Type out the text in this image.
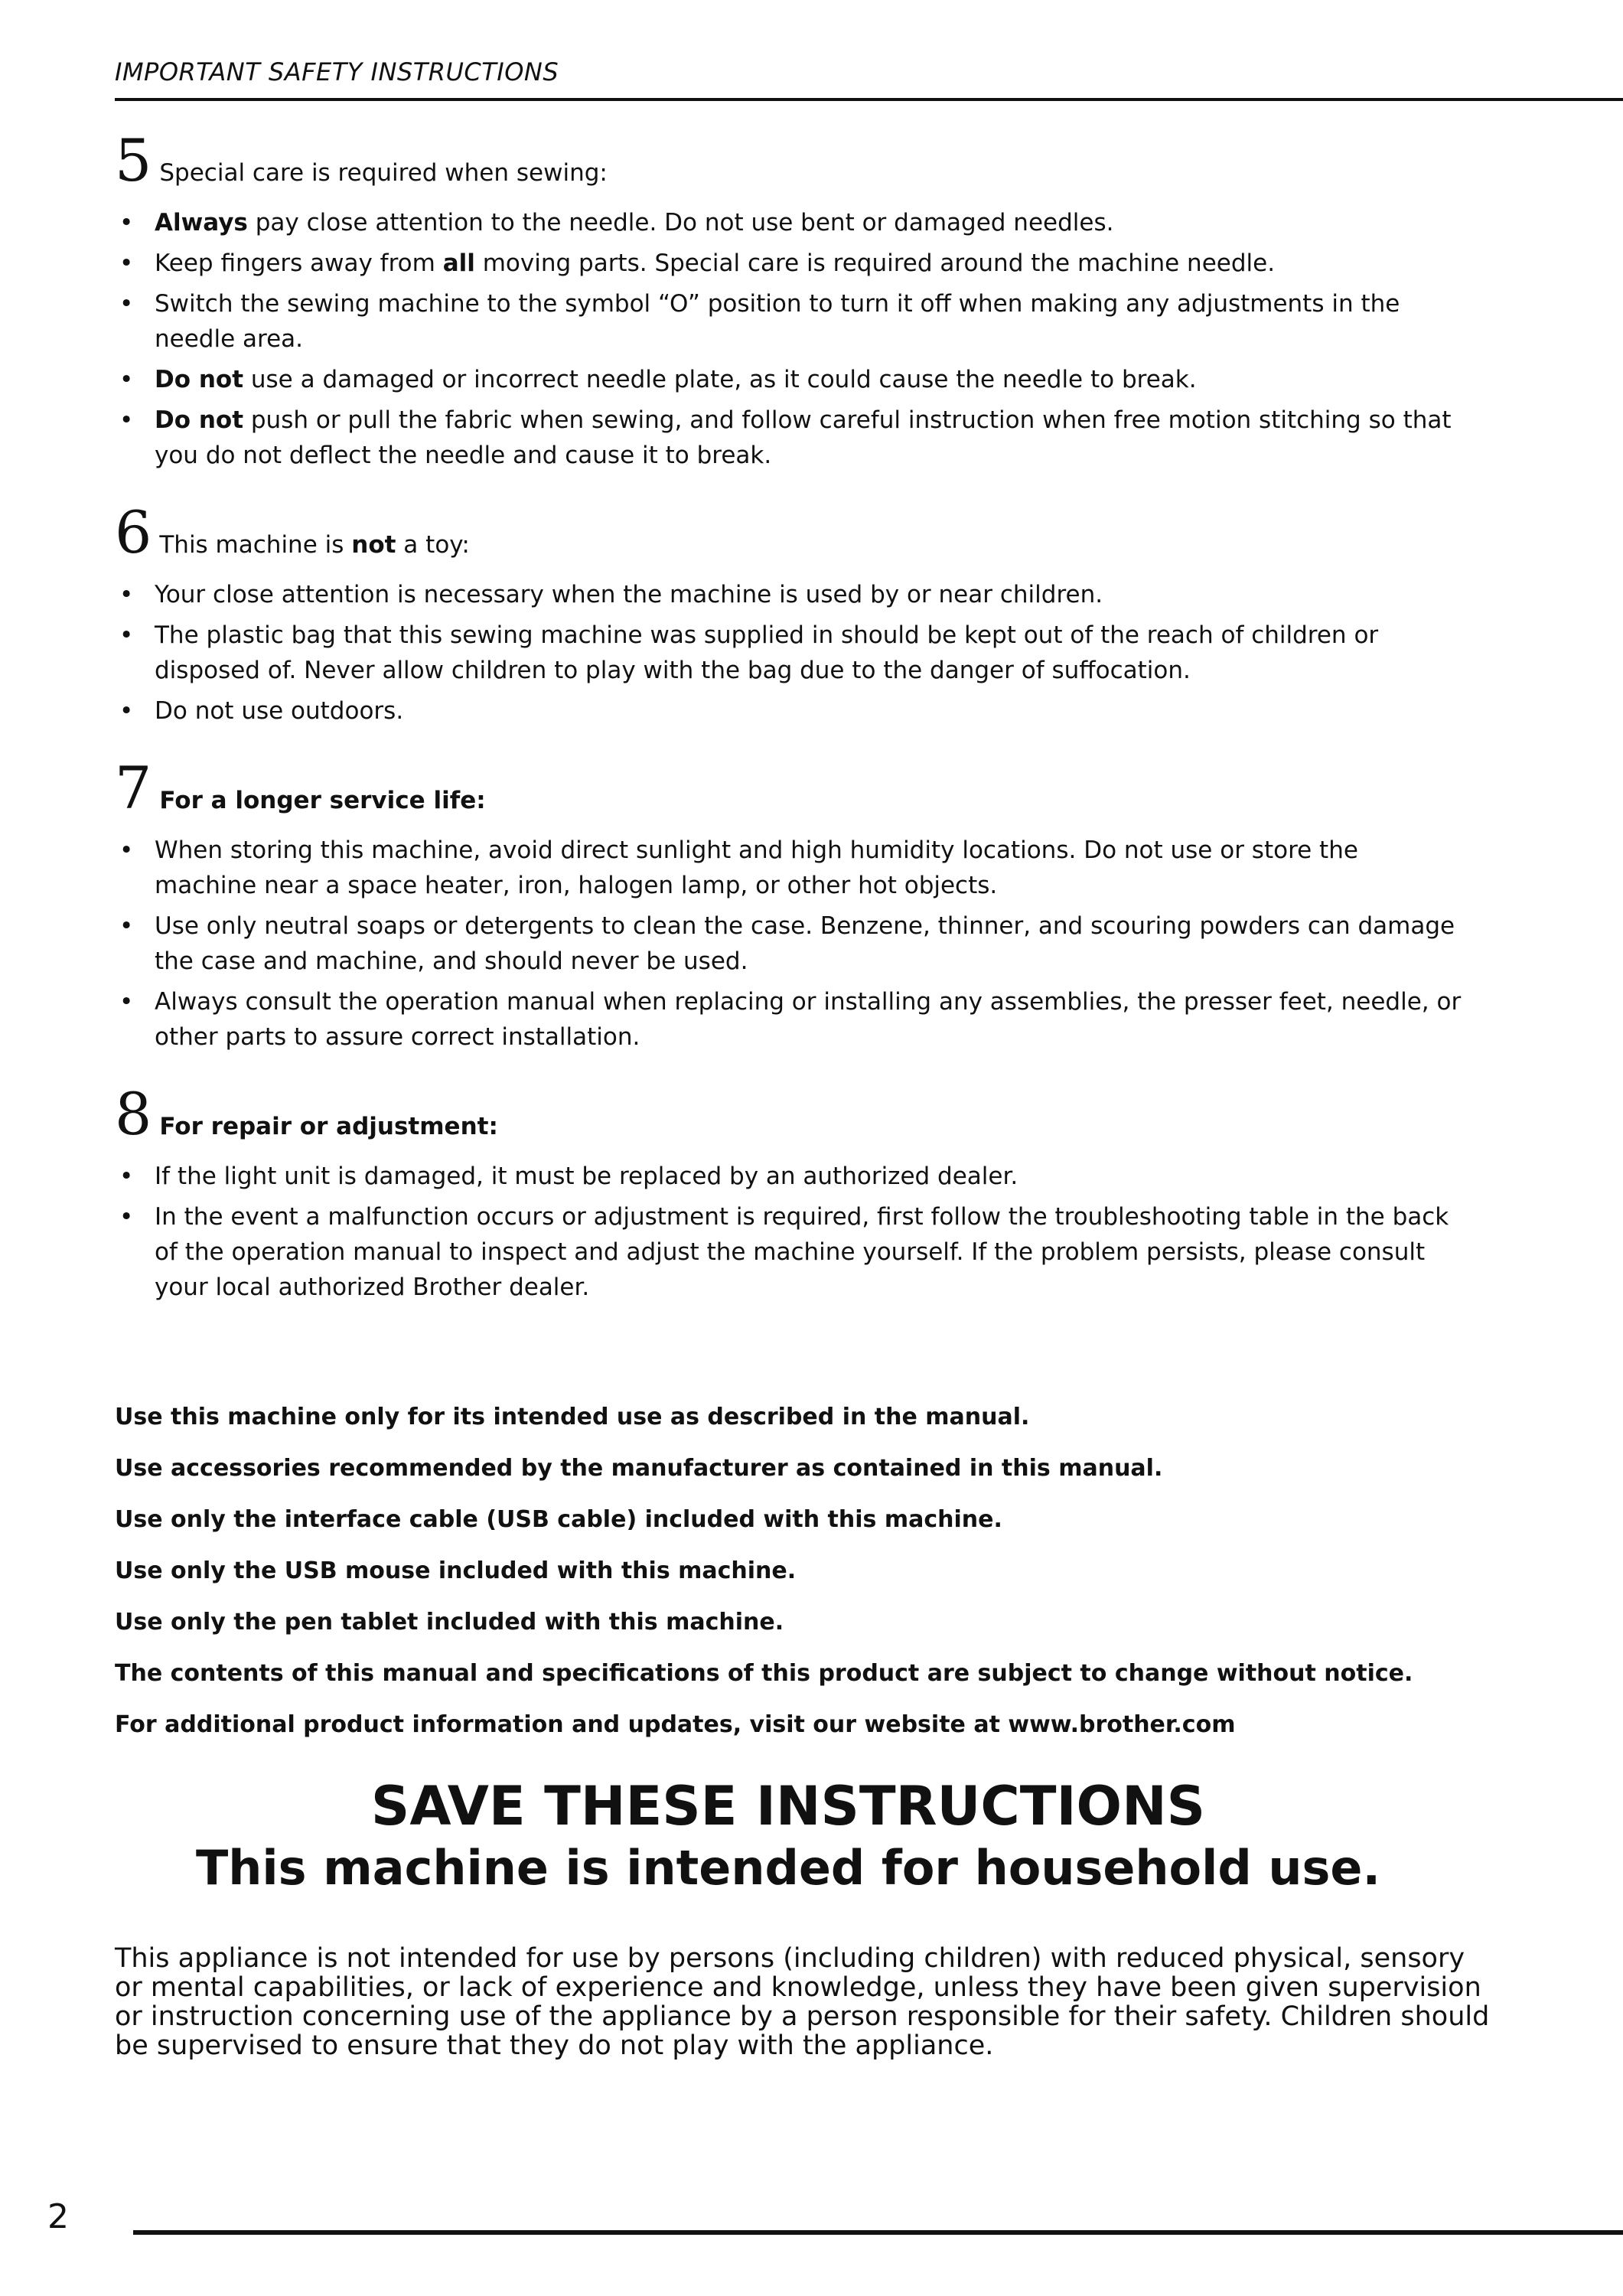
IMPORTANT SAFETY INSTRUCTIONS
5 Special care is required when sewing:
• Always pay close attention to the needle. Do not use bent or damaged needles.
• Keep fingers away from all moving parts. Special care is required around the machine needle.
• Switch the sewing machine to the symbol “O” position to turn it off when making any adjustments in the needle area.
• Do not use a damaged or incorrect needle plate, as it could cause the needle to break.
• Do not push or pull the fabric when sewing, and follow careful instruction when free motion stitching so that you do not deflect the needle and cause it to break.
6 This machine is not a toy:
• Your close attention is necessary when the machine is used by or near children.
• The plastic bag that this sewing machine was supplied in should be kept out of the reach of children or disposed of. Never allow children to play with the bag due to the danger of suffocation.
• Do not use outdoors.
7 For a longer service life:
• When storing this machine, avoid direct sunlight and high humidity locations. Do not use or store the machine near a space heater, iron, halogen lamp, or other hot objects.
• Use only neutral soaps or detergents to clean the case. Benzene, thinner, and scouring powders can damage the case and machine, and should never be used.
• Always consult the operation manual when replacing or installing any assemblies, the presser feet, needle, or other parts to assure correct installation.
8 For repair or adjustment:
• If the light unit is damaged, it must be replaced by an authorized dealer.
• In the event a malfunction occurs or adjustment is required, first follow the troubleshooting table in the back of the operation manual to inspect and adjust the machine yourself. If the problem persists, please consult your local authorized Brother dealer.
Use this machine only for its intended use as described in the manual.
Use accessories recommended by the manufacturer as contained in this manual.
Use only the interface cable (USB cable) included with this machine.
Use only the USB mouse included with this machine.
Use only the pen tablet included with this machine.
The contents of this manual and specifications of this product are subject to change without notice.
For additional product information and updates, visit our website at www.brother.com
SAVE THESE INSTRUCTIONS
This machine is intended for household use.
This appliance is not intended for use by persons (including children) with reduced physical, sensory or mental capabilities, or lack of experience and knowledge, unless they have been given supervision or instruction concerning use of the appliance by a person responsible for their safety. Children should be supervised to ensure that they do not play with the appliance.
2
